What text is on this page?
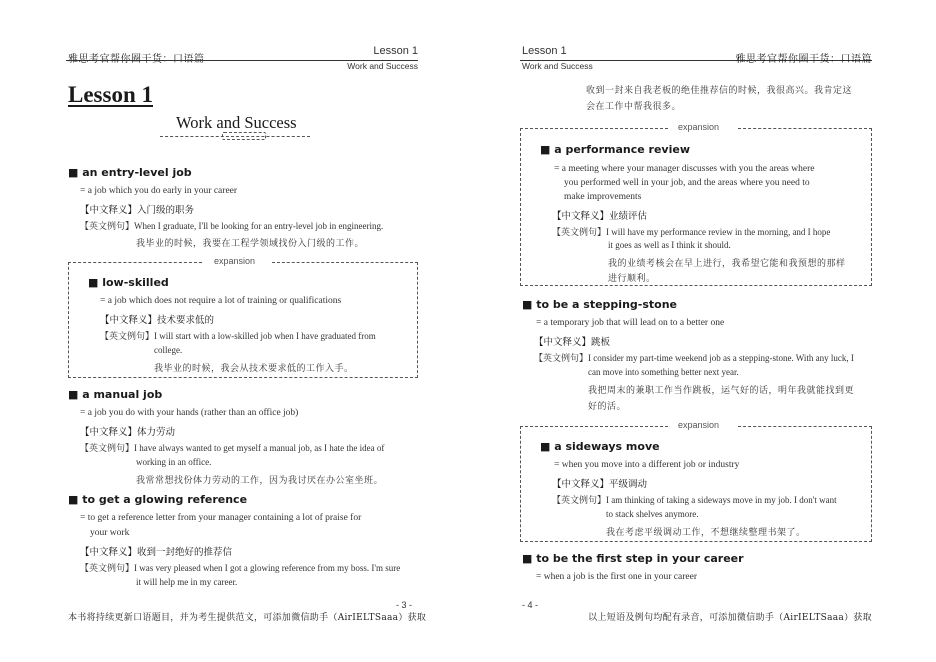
雅思考官帮你圈干货：口语篇
Lesson 1
Work and Success
Lesson 1
Work and Success
■ an entry-level job
= a job which you do early in your career
【中文释义】入门级的职务
【英文例句】When I graduate, I'll be looking for an entry-level job in engineering.
我毕业的时候，我要在工程学领域找份入门级的工作。
expansion
■ low-skilled
= a job which does not require a lot of training or qualifications
【中文释义】技术要求低的
【英文例句】I will start with a low-skilled job when I have graduated from
college.
我毕业的时候，我会从技术要求低的工作入手。
■ a manual job
= a job you do with your hands (rather than an office job)
【中文释义】体力劳动
【英文例句】I have always wanted to get myself a manual job, as I hate the idea of
working in an office.
我常常想找份体力劳动的工作，因为我讨厌在办公室坐班。
■ to get a glowing reference
= to get a reference letter from your manager containing a lot of praise for
your work
【中文释义】收到一封绝好的推荐信
【英文例句】I was very pleased when I got a glowing reference from my boss. I'm sure
it will help me in my career.
- 3 -
本书将持续更新口语题目，并为考生提供范文，可添加微信助手（AirIELTSaaa）获取
Lesson 1
Work and Success
雅思考官帮你圈干货：口语篇
收到一封来自我老板的绝佳推荐信的时候，我很高兴。我肯定这
会在工作中帮我很多。
expansion
■ a performance review
= a meeting where your manager discusses with you the areas where
you performed well in your job, and the areas where you need to
make improvements
【中文释义】业绩评估
【英文例句】I will have my performance review in the morning, and I hope
it goes as well as I think it should.
我的业绩考核会在早上进行，我希望它能和我预想的那样
进行顺利。
■ to be a stepping-stone
= a temporary job that will lead on to a better one
【中文释义】跳板
【英文例句】I consider my part-time weekend job as a stepping-stone. With any luck, I
can move into something better next year.
我把周末的兼职工作当作跳板，运气好的话，明年我就能找到更
好的活。
expansion
■ a sideways move
= when you move into a different job or industry
【中文释义】平级调动
【英文例句】I am thinking of taking a sideways move in my job. I don't want
to stack shelves anymore.
我在考虑平级调动工作，不想继续整理书架了。
■ to be the first step in your career
= when a job is the first one in your career
- 4 -
以上短语及例句均配有录音，可添加微信助手（AirIELTSaaa）获取
